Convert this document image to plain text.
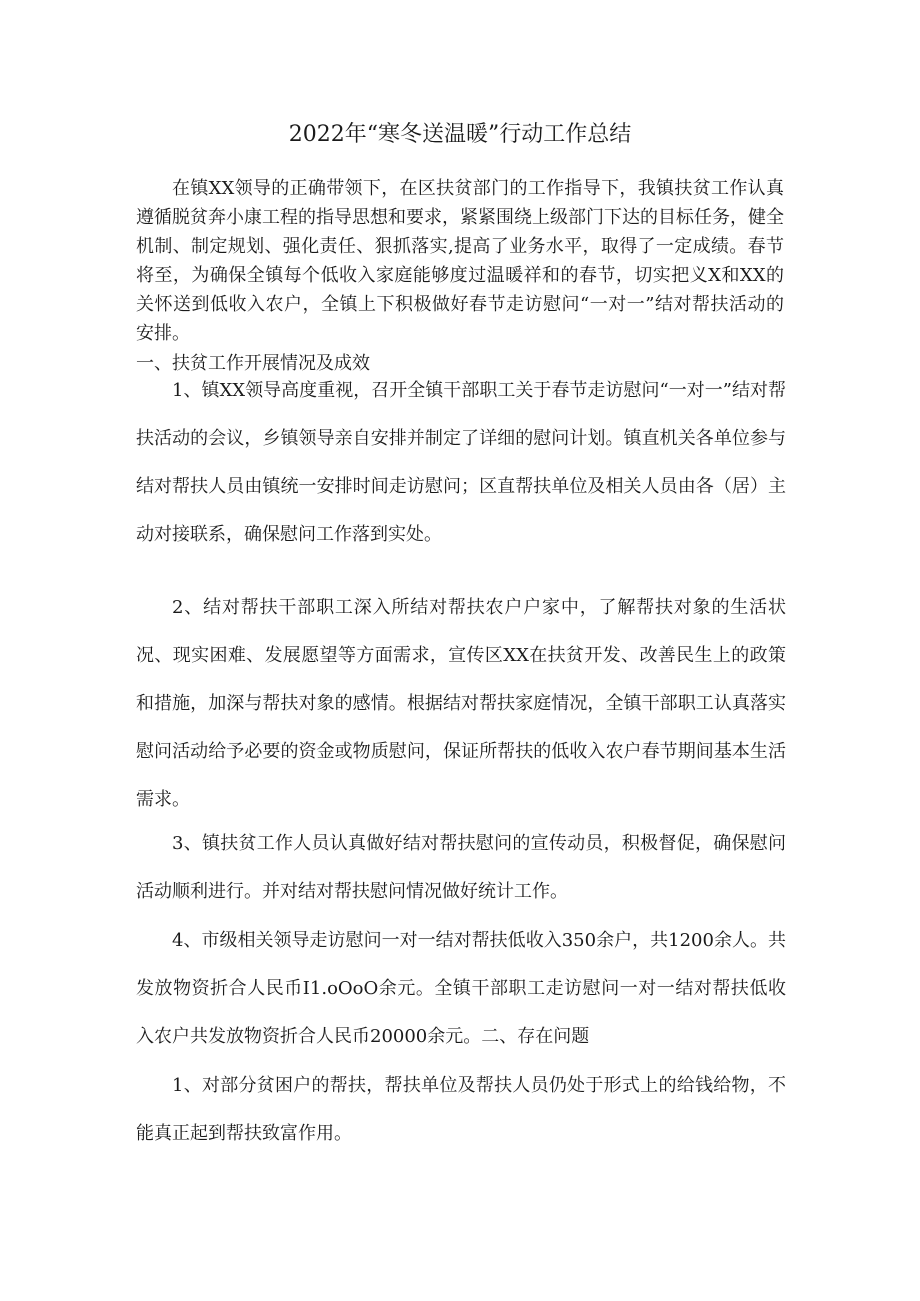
2022年“寒冬送温暖”行动工作总结

在镇XX领导的正确带领下，在区扶贫部门的工作指导下，我镇扶贫工作认真遵循脱贫奔小康工程的指导思想和要求，紧紧围绕上级部门下达的目标任务，健全机制、制定规划、强化责任、狠抓落实,提高了业务水平，取得了一定成绩。春节将至，为确保全镇每个低收入家庭能够度过温暖祥和的春节，切实把义X和XX的关怀送到低收入农户，全镇上下积极做好春节走访慰问“一对一”结对帮扶活动的安排。

一、扶贫工作开展情况及成效

1、镇XX领导高度重视，召开全镇干部职工关于春节走访慰问“一对一”结对帮扶活动的会议，乡镇领导亲自安排并制定了详细的慰问计划。镇直机关各单位参与结对帮扶人员由镇统一安排时间走访慰问；区直帮扶单位及相关人员由各（居）主动对接联系，确保慰问工作落到实处。

2、结对帮扶干部职工深入所结对帮扶农户户家中，了解帮扶对象的生活状况、现实困难、发展愿望等方面需求，宣传区XX在扶贫开发、改善民生上的政策和措施，加深与帮扶对象的感情。根据结对帮扶家庭情况，全镇干部职工认真落实慰问活动给予必要的资金或物质慰问，保证所帮扶的低收入农户春节期间基本生活需求。

3、镇扶贫工作人员认真做好结对帮扶慰问的宣传动员，积极督促，确保慰问活动顺利进行。并对结对帮扶慰问情况做好统计工作。

4、市级相关领导走访慰问一对一结对帮扶低收入350余户，共1200余人。共发放物资折合人民币I1.oOoO余元。全镇干部职工走访慰问一对一结对帮扶低收入农户共发放物资折合人民币20000余元。二、存在问题

1、对部分贫困户的帮扶，帮扶单位及帮扶人员仍处于形式上的给钱给物，不能真正起到帮扶致富作用。
